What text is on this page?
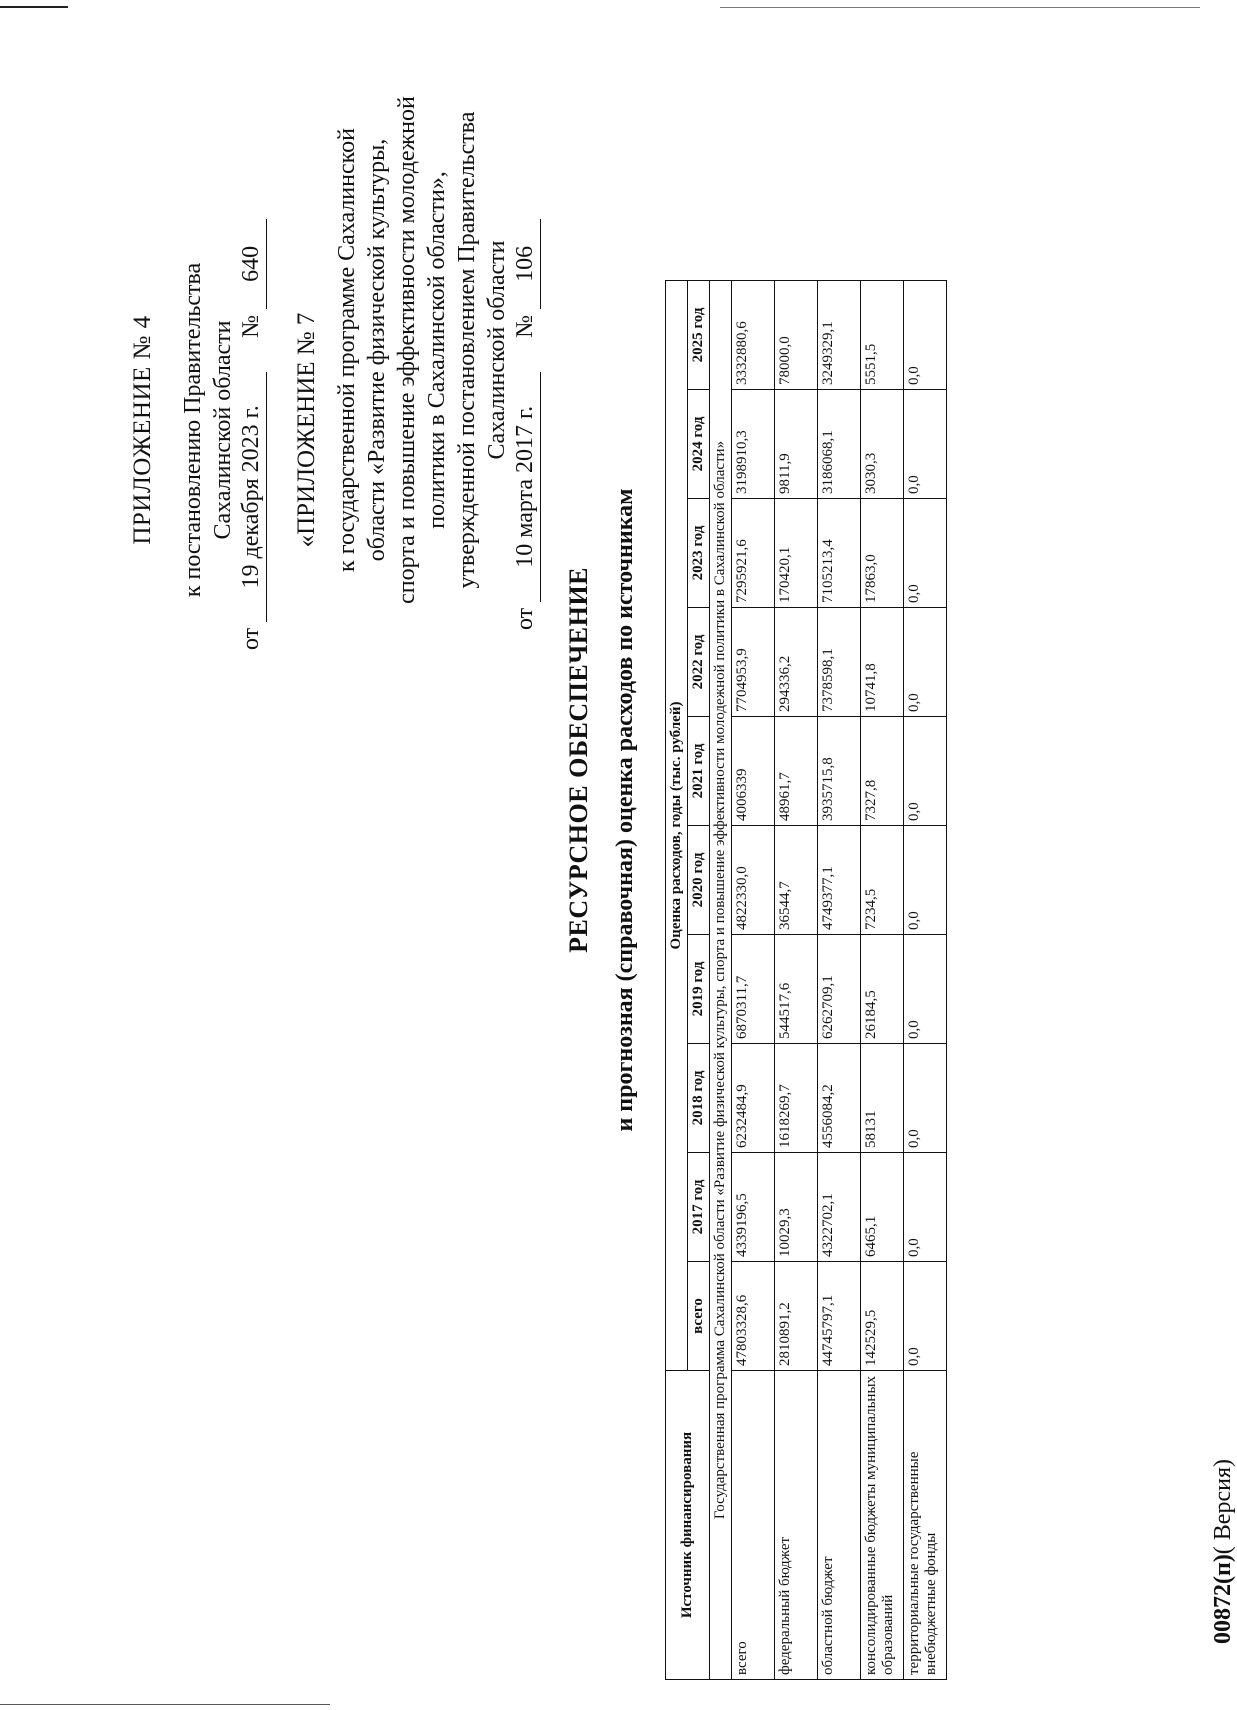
ПРИЛОЖЕНИЕ № 4 к постановлению Правительства Сахалинской области
от 19 декабря 2023 г.  № 640
«ПРИЛОЖЕНИЕ № 7 к государственной программе Сахалинской области «Развитие физической культуры, спорта и повышение эффективности молодежной политики в Сахалинской области», утвержденной постановлением Правительства Сахалинской области
от 10 марта 2017 г.  № 106
РЕСУРСНОЕ ОБЕСПЕЧЕНИЕ и прогнозная (справочная) оценка расходов по источникам
Источник финансирования	Оценка расходов, годы (тыс. рублей)									
	всего	2017 год	2018 год	2019 год	2020 год	2021 год	2022 год	2023 год	2024 год	2025 год
Государственная программа Сахалинской области «Развитие физической культуры, спорта и повышение эффективности молодежной политики в Сахалинской области»										
всего	47803328,6	4339196,5	6232484,9	6870311,7	4822330,0	4006339	7704953,9	7295921,6	3198910,3	3332880,6
федеральный бюджет	2810891,2	10029,3	1618269,7	544517,6	36544,7	48961,7	294336,2	170420,1	9811,9	78000,0
областной бюджет	44745797,1	4322702,1	4556084,2	6262709,1	4749377,1	3935715,8	7378598,1	7105213,4	3186068,1	3249329,1
консолидированные бюджеты муниципальных образований	142529,5	6465,1	58131	26184,5	7234,5	7327,8	10741,8	17863,0	3030,3	5551,5
территориальные государственные внебюджетные фонды	0,0	0,0	0,0	0,0	0,0	0,0	0,0	0,0	0,0	0,0
00872(п)( Версия)
